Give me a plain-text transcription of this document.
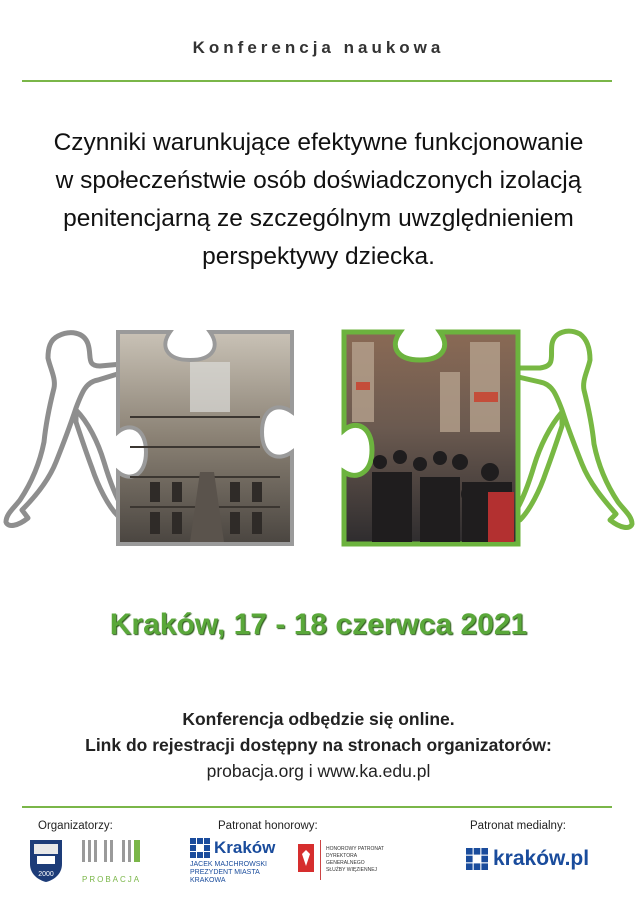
Konferencja naukowa
Czynniki warunkujące efektywne funkcjonowanie
w społeczeństwie osób doświadczonych izolacją
penitencjarną ze szczególnym uwzględnieniem
perspektywy dziecka.
Kraków, 17 - 18 czerwca 2021
Konferencja odbędzie się online.
Link do rejestracji dostępny na stronach organizatorów:
probacja.org i www.ka.edu.pl
Organizatorzy:	Patronat honorowy:	Patronat medialny:
2000
PROBACJA
Kraków
JACEK MAJCHROWSKI
PREZYDENT MIASTA KRAKOWA
HONOROWY PATRONAT
DYREKTORA GENERALNEGO
SŁUŻBY WIĘZIENNEJ	kraków.pl
